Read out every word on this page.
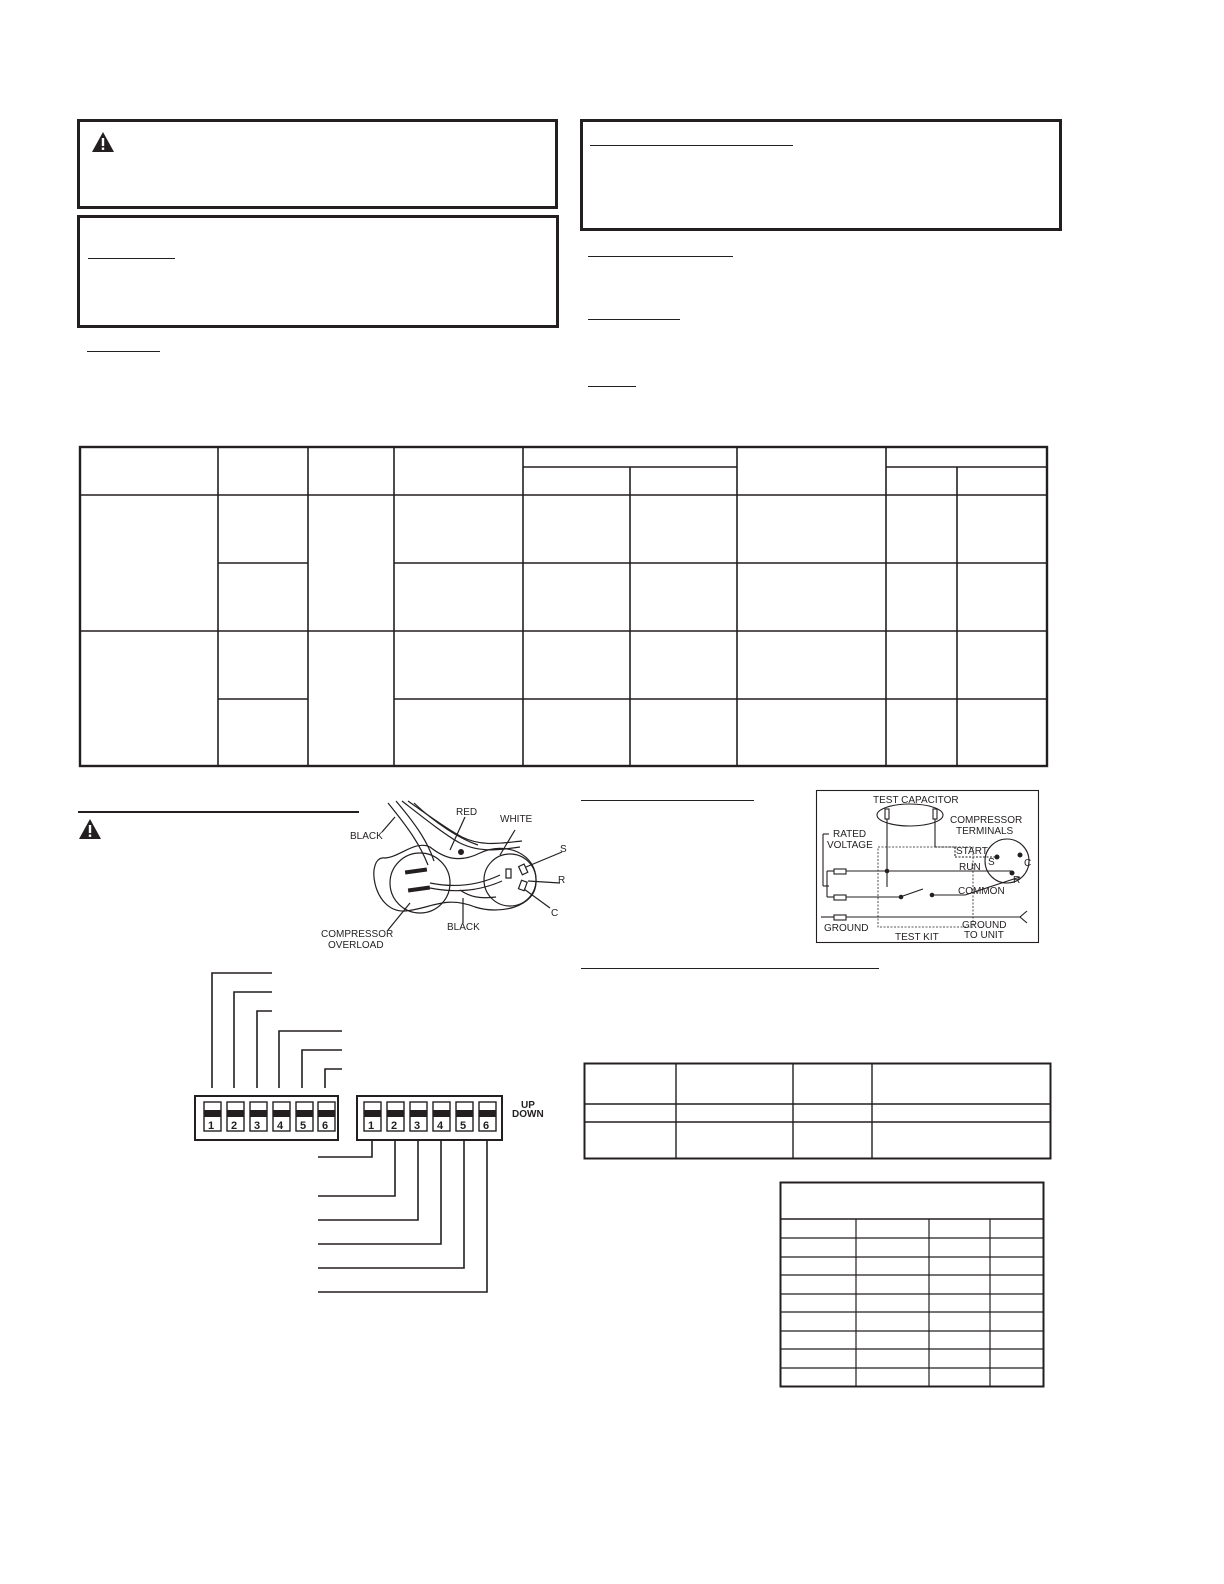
BLACK
RED
WHITE
S
R
C
BLACK
COMPRESSOR
OVERLOAD
TEST CAPACITOR
COMPRESSOR
TERMINALS
RATED
VOLTAGE
START
RUN
COMMON
GROUND	GROUND
TO UNIT
TEST KIT
S	C
R
1 2 3 4 5 6	1 2 3 4 5 6
UP
DOWN
